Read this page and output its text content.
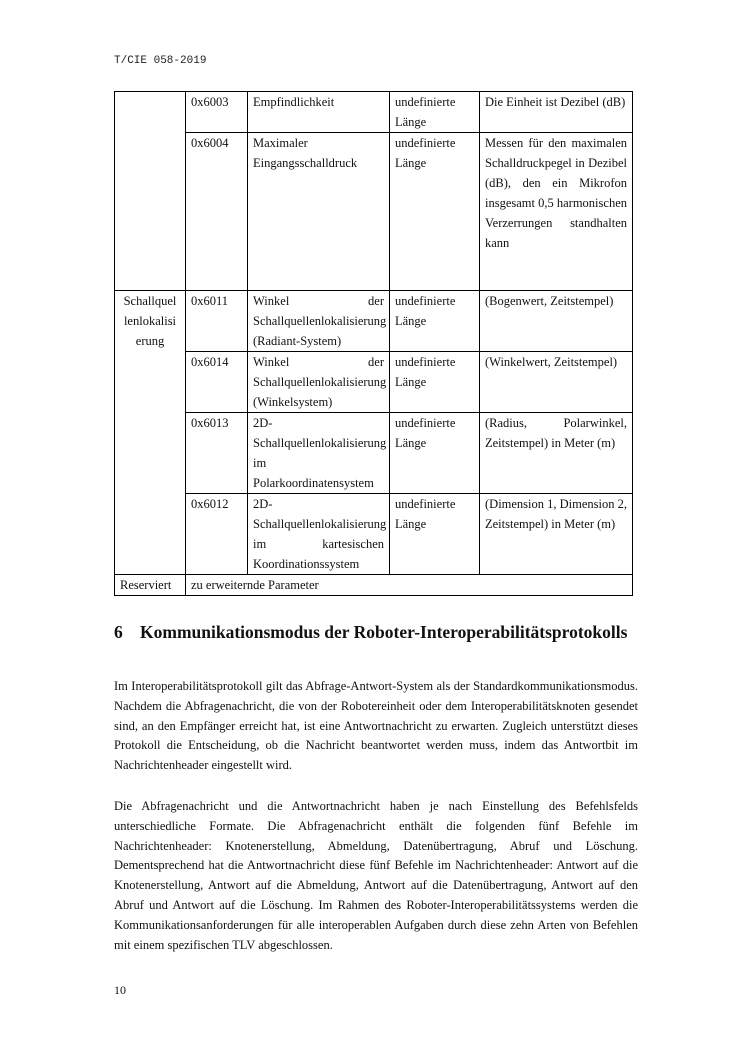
T/CIE 058-2019
	0x6003	Empfindlichkeit	undefinierte Länge	Die Einheit ist Dezibel (dB)

	0x6004	Maximaler Eingangsschalldruck	undefinierte Länge	Messen für den maximalen Schalldruckpegel in Dezibel (dB), den ein Mikrofon insgesamt 0,5 harmonischen Verzerrungen standhalten kann

Schallquel lenlokalisi erung	0x6011	Winkel der Schallquellenlokalisierung (Radiant-System)	undefinierte Länge	(Bogenwert, Zeitstempel)
	0x6014	Winkel der Schallquellenlokalisierung (Winkelsystem)	undefinierte Länge	(Winkelwert, Zeitstempel)
	0x6013	2D-Schallquellenlokalisierung im Polarkoordinatensystem	undefinierte Länge	(Radius, Polarwinkel, Zeitstempel) in Meter (m)

	0x6012	2D-Schallquellenlokalisierung im kartesischen Koordinationssystem	undefinierte Länge	(Dimension 1, Dimension 2, Zeitstempel) in Meter (m)

Reserviert	zu erweiternde Parameter			
6 Kommunikationsmodus der Roboter-Interoperabilitätsprotokolls

Im Interoperabilitätsprotokoll gilt das Abfrage-Antwort-System als der Standardkommunikationsmodus. Nachdem die Abfragenachricht, die von der Robotereinheit oder dem Interoperabilitätsknoten gesendet sind, an den Empfänger erreicht hat, ist eine Antwortnachricht zu erwarten. Zugleich unterstützt dieses Protokoll die Entscheidung, ob die Nachricht beantwortet werden muss, indem das Antwortbit im Nachrichtenheader eingestellt wird.

Die Abfragenachricht und die Antwortnachricht haben je nach Einstellung des Befehlsfelds unterschiedliche Formate. Die Abfragenachricht enthält die folgenden fünf Befehle im Nachrichtenheader: Knotenerstellung, Abmeldung, Datenübertragung, Abruf und Löschung. Dementsprechend hat die Antwortnachricht diese fünf Befehle im Nachrichtenheader: Antwort auf die Knotenerstellung, Antwort auf die Abmeldung, Antwort auf die Datenübertragung, Antwort auf den Abruf und Antwort auf die Löschung. Im Rahmen des Roboter-Interoperabilitätssystems werden die Kommunikationsanforderungen für alle interoperablen Aufgaben durch diese zehn Arten von Befehlen mit einem spezifischen TLV abgeschlossen.

10
